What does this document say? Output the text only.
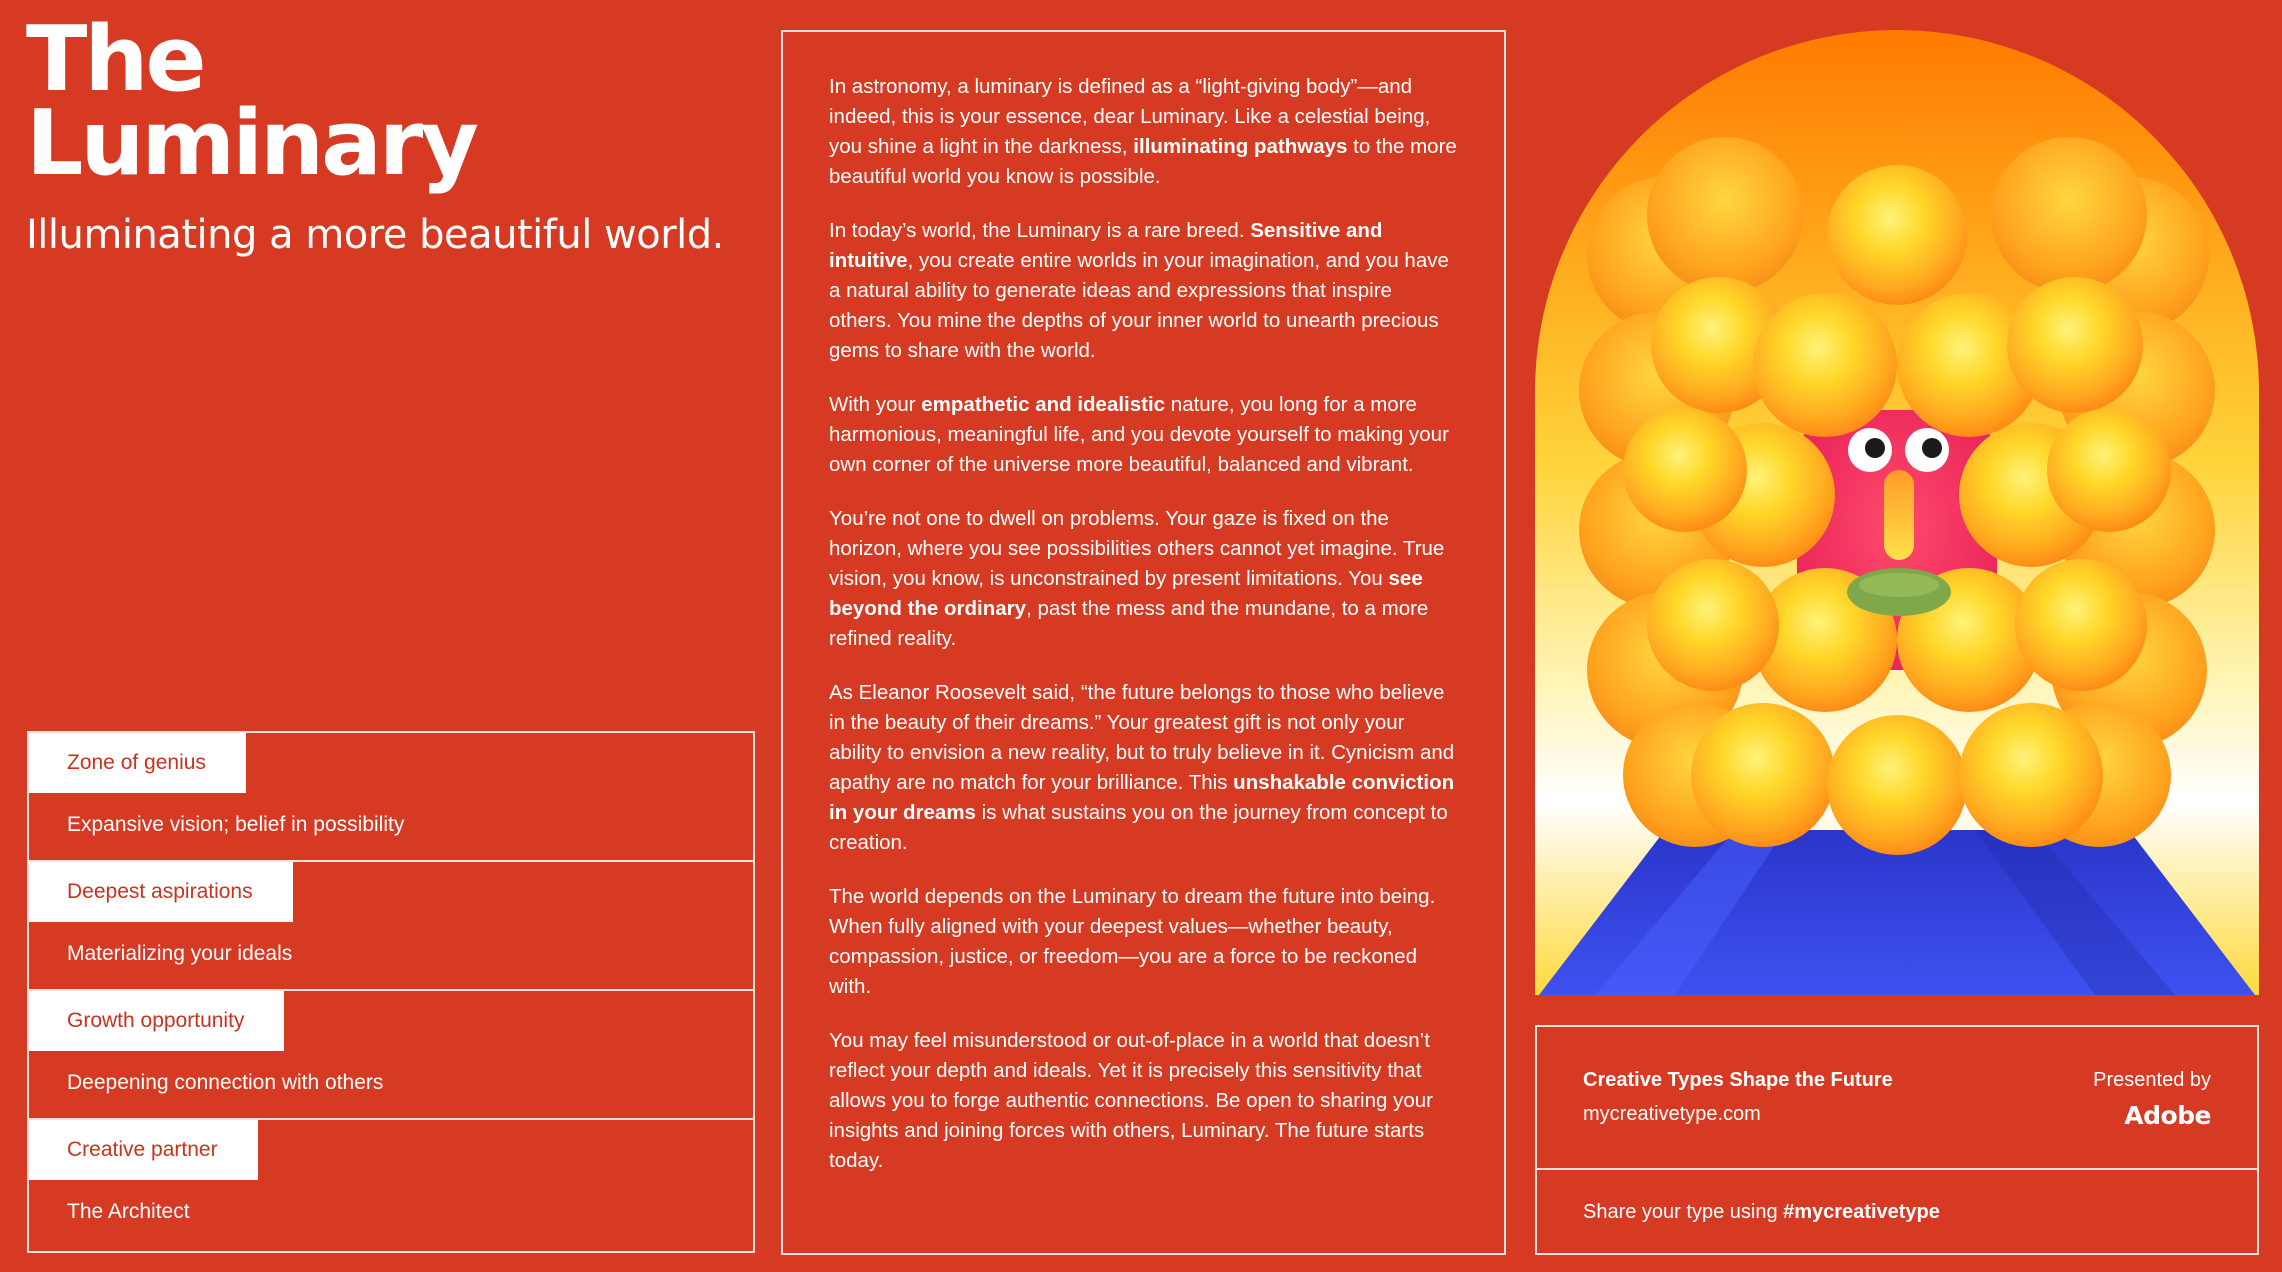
The
Luminary
Illuminating a more beautiful world.
Zone of genius
Expansive vision; belief in possibility
Deepest aspirations
Materializing your ideals
Growth opportunity
Deepening connection with others
Creative partner
The Architect

In astronomy, a luminary is defined as a “light-giving body”—and indeed, this is your essence, dear Luminary. Like a celestial being, you shine a light in the darkness, illuminating pathways to the more beautiful world you know is possible.

In today’s world, the Luminary is a rare breed. Sensitive and intuitive, you create entire worlds in your imagination, and you have a natural ability to generate ideas and expressions that inspire others. You mine the depths of your inner world to unearth precious gems to share with the world.

With your empathetic and idealistic nature, you long for a more harmonious, meaningful life, and you devote yourself to making your own corner of the universe more beautiful, balanced and vibrant.

You’re not one to dwell on problems. Your gaze is fixed on the horizon, where you see possibilities others cannot yet imagine. True vision, you know, is unconstrained by present limitations. You see beyond the ordinary, past the mess and the mundane, to a more refined reality.

As Eleanor Roosevelt said, “the future belongs to those who believe in the beauty of their dreams.” Your greatest gift is not only your ability to envision a new reality, but to truly believe in it. Cynicism and apathy are no match for your brilliance. This unshakable conviction in your dreams is what sustains you on the journey from concept to creation.

The world depends on the Luminary to dream the future into being. When fully aligned with your deepest values—whether beauty, compassion, justice, or freedom—you are a force to be reckoned with.

You may feel misunderstood or out-of-place in a world that doesn’t reflect your depth and ideals. Yet it is precisely this sensitivity that allows you to forge authentic connections. Be open to sharing your insights and joining forces with others, Luminary. The future starts today.

Creative Types Shape the Future
mycreativetype.com
Presented by
Adobe
Share your type using #mycreativetype
